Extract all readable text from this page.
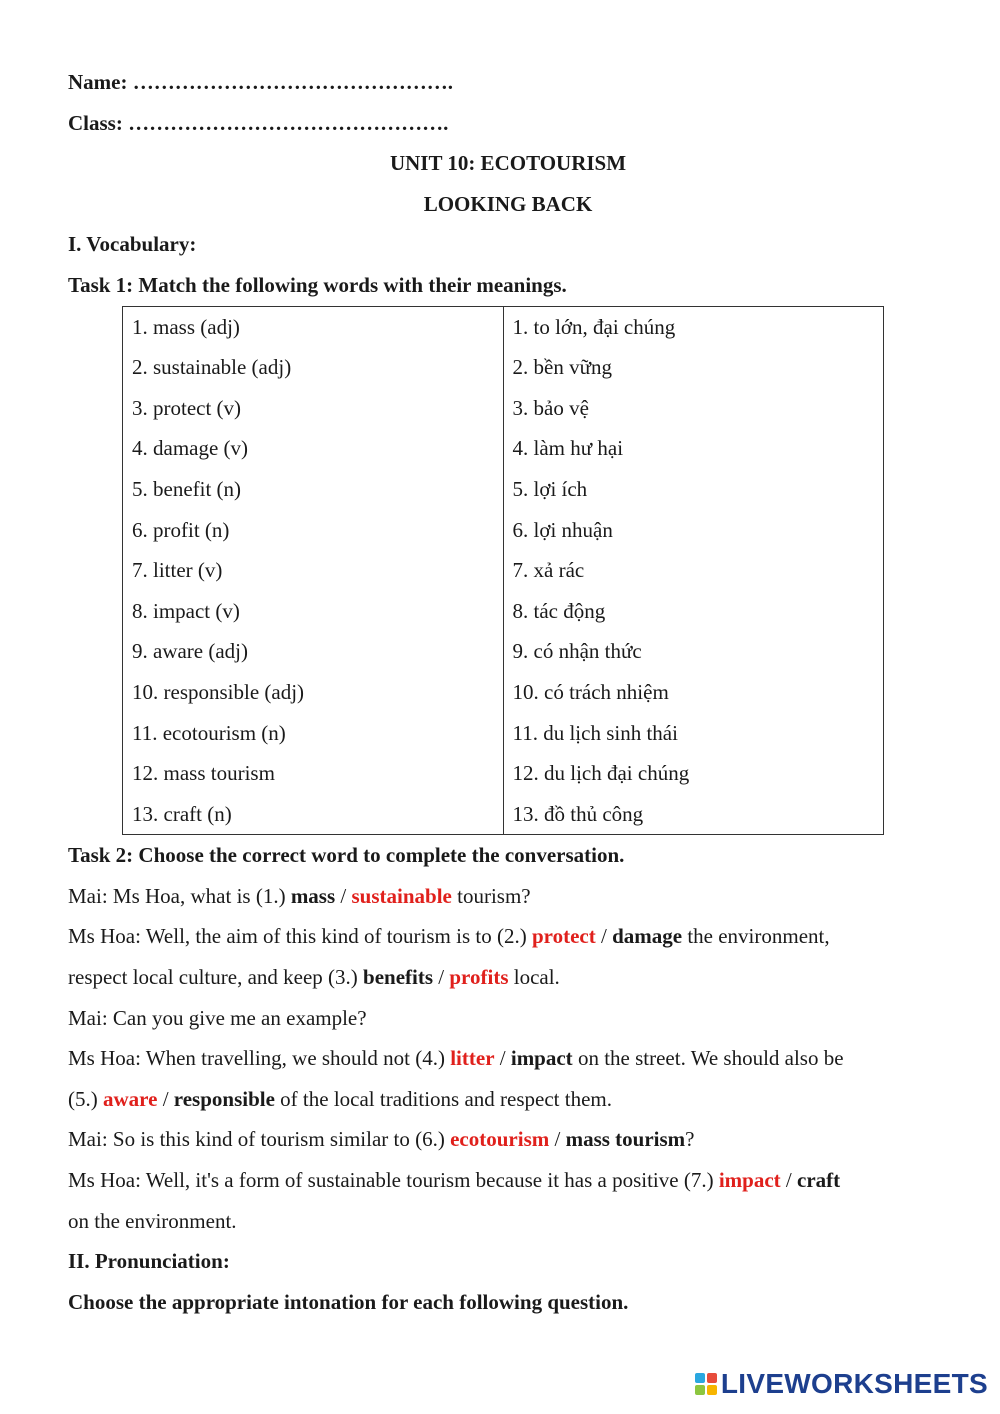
Name: ……………………………………….
Class: ……………………………………….
UNIT 10: ECOTOURISM
LOOKING BACK
I. Vocabulary:
Task 1: Match the following words with their meanings.
1. mass (adj)	1. to lớn, đại chúng
2. sustainable (adj)	2. bền vững
3. protect (v)	3. bảo vệ
4. damage (v)	4. làm hư hại
5. benefit (n)	5. lợi ích
6. profit (n)	6. lợi nhuận
7. litter (v)	7. xả rác
8. impact (v)	8. tác động
9. aware (adj)	9. có nhận thức
10. responsible (adj)	10. có trách nhiệm
11. ecotourism (n)	11. du lịch sinh thái
12. mass tourism	12. du lịch đại chúng
13. craft (n)	13. đồ thủ công
Task 2: Choose the correct word to complete the conversation.
Mai: Ms Hoa, what is (1.) mass / sustainable tourism?
Ms Hoa: Well, the aim of this kind of tourism is to (2.) protect / damage the environment,
respect local culture, and keep (3.) benefits / profits local.
Mai: Can you give me an example?
Ms Hoa: When travelling, we should not (4.) litter / impact on the street. We should also be
(5.) aware / responsible of the local traditions and respect them.
Mai: So is this kind of tourism similar to (6.) ecotourism / mass tourism?
Ms Hoa: Well, it's a form of sustainable tourism because it has a positive (7.) impact / craft
on the environment.
II. Pronunciation:
Choose the appropriate intonation for each following question.
LIVEWORKSHEETS
